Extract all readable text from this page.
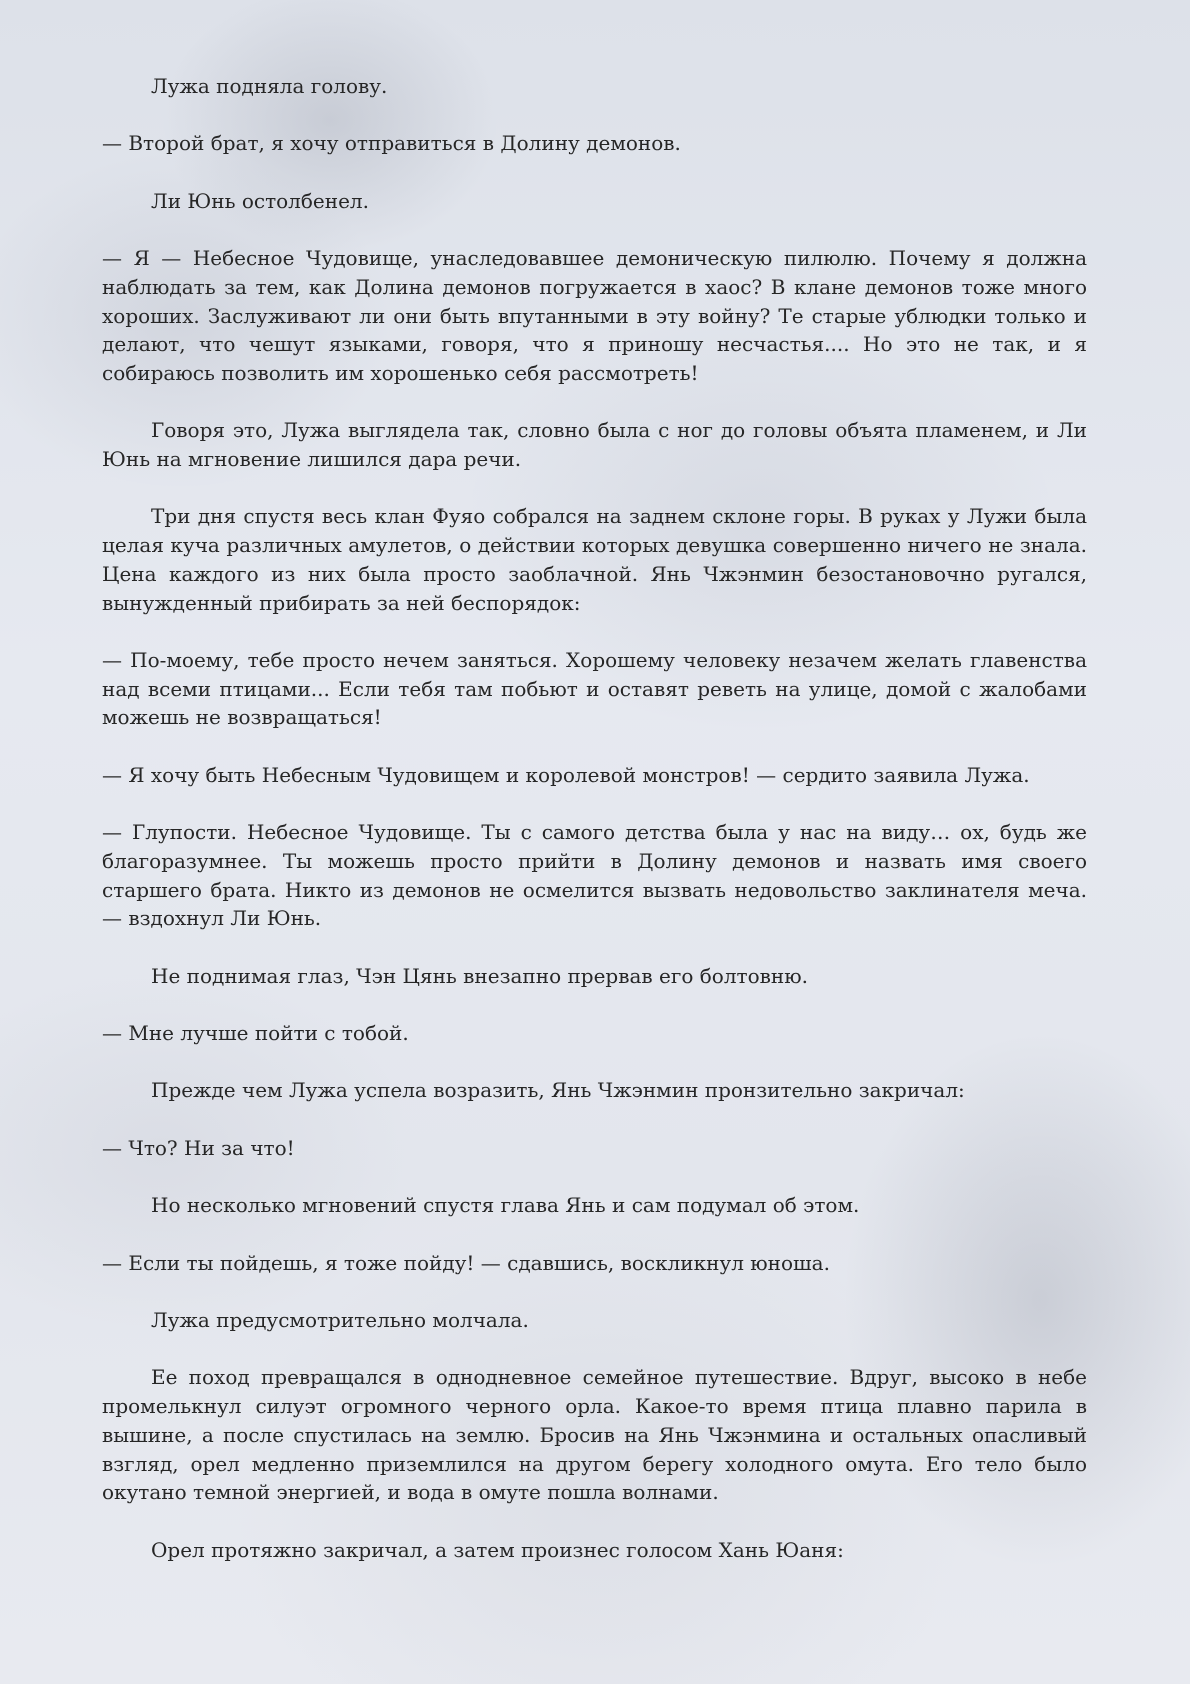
Лужа подняла голову.

— Второй брат, я хочу отправиться в Долину демонов.

Ли Юнь остолбенел.

— Я — Небесное Чудовище, унаследовавшее демоническую пилюлю. Почему я должна наблюдать за тем, как Долина демонов погружается в хаос? В клане демонов тоже много хороших. Заслуживают ли они быть впутанными в эту войну? Те старые ублюдки только и делают, что чешут языками, говоря, что я приношу несчастья.... Но это не так, и я собираюсь позволить им хорошенько себя рассмотреть!

Говоря это, Лужа выглядела так, словно была с ног до головы объята пламенем, и Ли Юнь на мгновение лишился дара речи.

Три дня спустя весь клан Фуяо собрался на заднем склоне горы. В руках у Лужи была целая куча различных амулетов, о действии которых девушка совершенно ничего не знала. Цена каждого из них была просто заоблачной. Янь Чжэнмин безостановочно ругался, вынужденный прибирать за ней беспорядок:

— По-моему, тебе просто нечем заняться. Хорошему человеку незачем желать главенства над всеми птицами... Если тебя там побьют и оставят реветь на улице, домой с жалобами можешь не возвращаться!

— Я хочу быть Небесным Чудовищем и королевой монстров! — сердито заявила Лужа.

— Глупости. Небесное Чудовище. Ты с самого детства была у нас на виду… ох, будь же благоразумнее. Ты можешь просто прийти в Долину демонов и назвать имя своего старшего брата. Никто из демонов не осмелится вызвать недовольство заклинателя меча. — вздохнул Ли Юнь.

Не поднимая глаз, Чэн Цянь внезапно прервав его болтовню.

— Мне лучше пойти с тобой.

Прежде чем Лужа успела возразить, Янь Чжэнмин пронзительно закричал:

— Что? Ни за что!

Но несколько мгновений спустя глава Янь и сам подумал об этом.

— Если ты пойдешь, я тоже пойду! — сдавшись, воскликнул юноша.

Лужа предусмотрительно молчала.

Ее поход превращался в однодневное семейное путешествие. Вдруг, высоко в небе промелькнул силуэт огромного черного орла. Какое-то время птица плавно парила в вышине, а после спустилась на землю. Бросив на Янь Чжэнмина и остальных опасливый взгляд, орел медленно приземлился на другом берегу холодного омута. Его тело было окутано темной энергией, и вода в омуте пошла волнами.

Орел протяжно закричал, а затем произнес голосом Хань Юаня:
